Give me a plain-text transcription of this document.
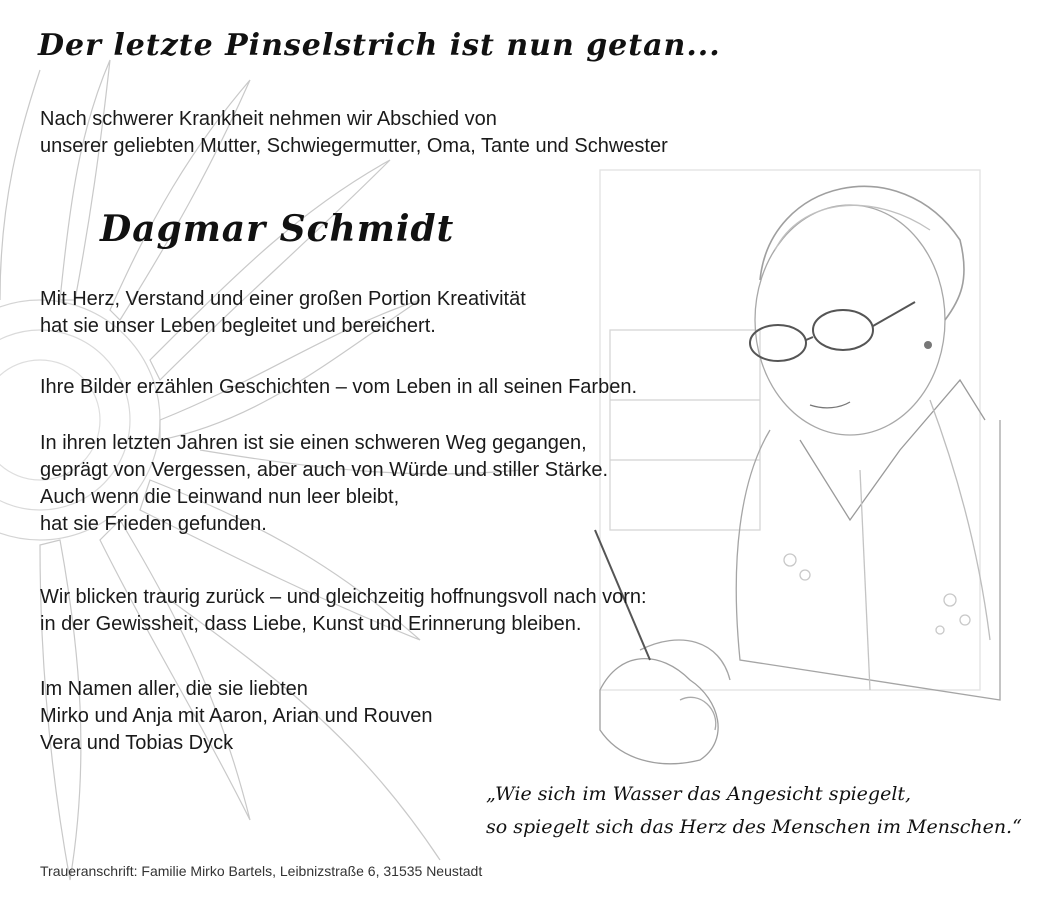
Der letzte Pinselstrich ist nun getan...

Nach schwerer Krankheit nehmen wir Abschied von
unserer geliebten Mutter, Schwiegermutter, Oma, Tante und Schwester

Dagmar Schmidt

Mit Herz, Verstand und einer großen Portion Kreativität
hat sie unser Leben begleitet und bereichert.

Ihre Bilder erzählen Geschichten – vom Leben in all seinen Farben.

In ihren letzten Jahren ist sie einen schweren Weg gegangen,
geprägt von Vergessen, aber auch von Würde und stiller Stärke.
Auch wenn die Leinwand nun leer bleibt,
hat sie Frieden gefunden.

Wir blicken traurig zurück – und gleichzeitig hoffnungsvoll nach vorn:
in der Gewissheit, dass Liebe, Kunst und Erinnerung bleiben.

Im Namen aller, die sie liebten
Mirko und Anja mit Aaron, Arian und Rouven
Vera und Tobias Dyck

„Wie sich im Wasser das Angesicht spiegelt,
so spiegelt sich das Herz des Menschen im Menschen.“

Traueranschrift: Familie Mirko Bartels, Leibnizstraße 6, 31535 Neustadt
